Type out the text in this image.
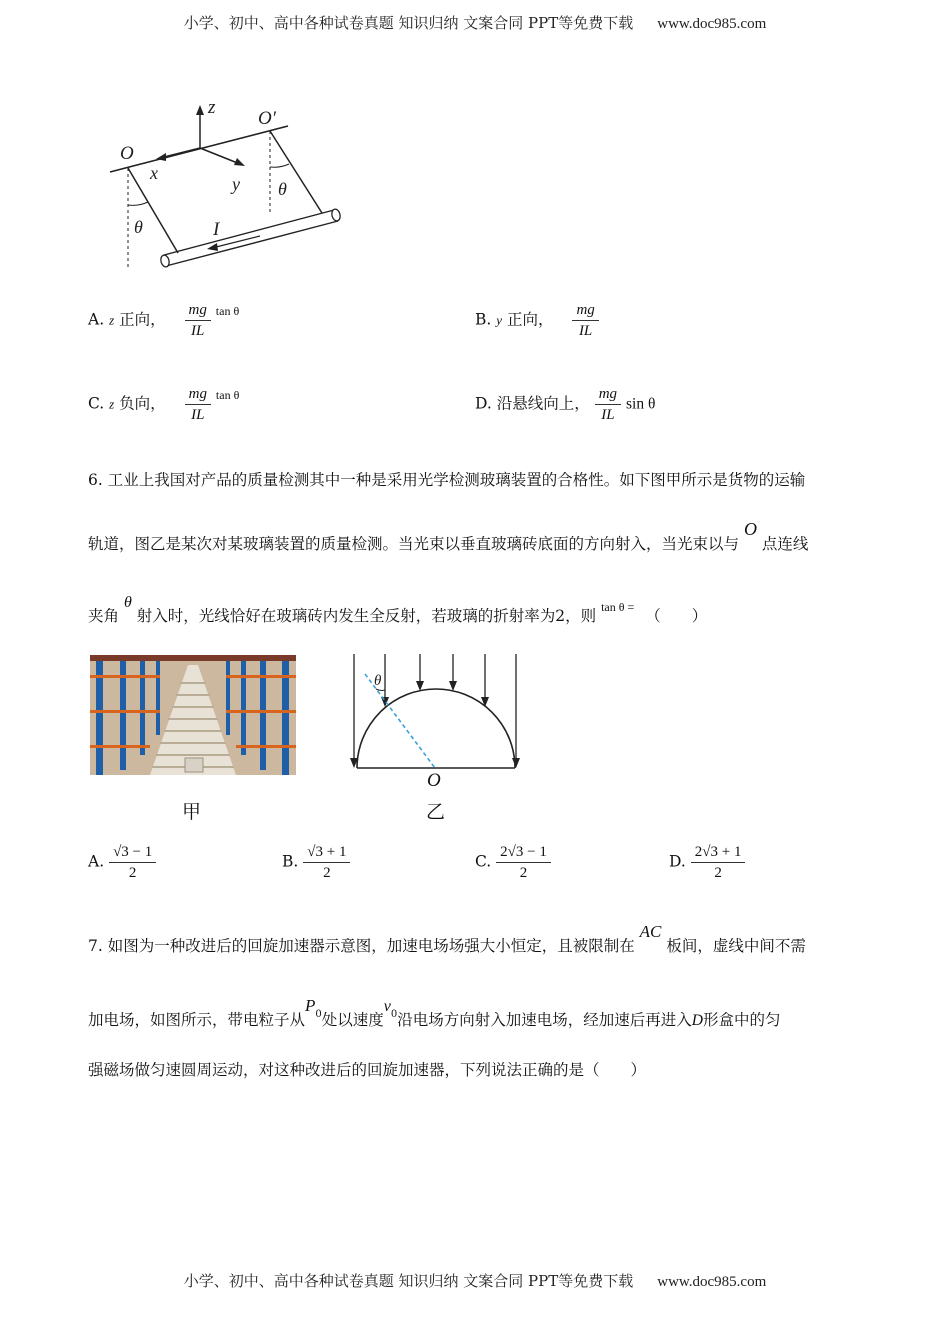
小学、初中、高中各种试卷真题 知识归纳 文案合同 PPT等免费下载 www.doc985.com
z
O
O′
x
y
θ
θ
I
A. z 正向， $\frac{mg}{IL} ^{tan \theta}$	B. y 正向， $\frac{mg}{IL}$
C. z 负向， $\frac{mg}{IL} ^{tan \theta}$	D. 沿悬线向上， $\frac{mg}{IL}$ sin θ
6. 工业上我国对产品的质量检测其中一种是采用光学检测玻璃装置的合格性。如下图甲所示是货物的运输
轨道，图乙是某次对某玻璃装置的质量检测。当光束以垂直玻璃砖底面的方向射入，当光束以与 O 点连线
夹角 θ 射入时，光线恰好在玻璃砖内发生全反射，若玻璃的折射率为2，则 $^{tan \theta =}$ （　　）
甲
θ
O
乙
A. $\frac{√3 - 1}{2}$	B. $\frac{√3 + 1}{2}$	C. $\frac{2√3 - 1}{2}$	D. $\frac{2√3 + 1}{2}$
7. 如图为一种改进后的回旋加速器示意图，加速电场场强大小恒定，且被限制在 AC 板间，虚线中间不需
加电场，如图所示，带电粒子从$P^0$处以速度$v^0$沿电场方向射入加速电场，经加速后再进入D形盒中的匀
强磁场做匀速圆周运动，对这种改进后的回旋加速器，下列说法正确的是（　　）
小学、初中、高中各种试卷真题 知识归纳 文案合同 PPT等免费下载 www.doc985.com
